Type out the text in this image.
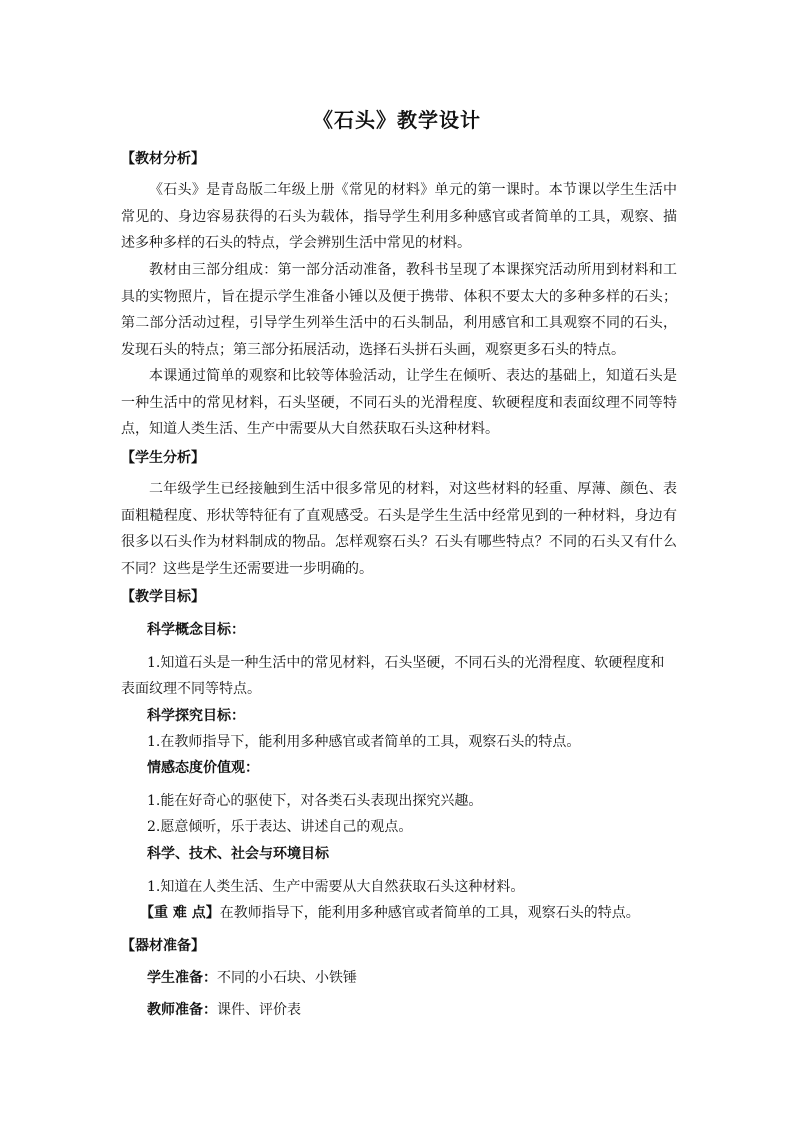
《石头》教学设计
【教材分析】

《石头》是青岛版二年级上册《常见的材料》单元的第一课时。本节课以学生生活中常见的、身边容易获得的石头为载体，指导学生利用多种感官或者简单的工具，观察、描述多种多样的石头的特点，学会辨别生活中常见的材料。

教材由三部分组成：第一部分活动准备，教科书呈现了本课探究活动所用到材料和工具的实物照片，旨在提示学生准备小锤以及便于携带、体积不要太大的多种多样的石头；第二部分活动过程，引导学生列举生活中的石头制品，利用感官和工具观察不同的石头，发现石头的特点；第三部分拓展活动，选择石头拼石头画，观察更多石头的特点。

本课通过简单的观察和比较等体验活动，让学生在倾听、表达的基础上，知道石头是一种生活中的常见材料，石头坚硬，不同石头的光滑程度、软硬程度和表面纹理不同等特点，知道人类生活、生产中需要从大自然获取石头这种材料。

【学生分析】

二年级学生已经接触到生活中很多常见的材料，对这些材料的轻重、厚薄、颜色、表面粗糙程度、形状等特征有了直观感受。石头是学生生活中经常见到的一种材料，身边有很多以石头作为材料制成的物品。怎样观察石头？石头有哪些特点？不同的石头又有什么不同？这些是学生还需要进一步明确的。

【教学目标】
科学概念目标：

1.知道石头是一种生活中的常见材料，石头坚硬，不同石头的光滑程度、软硬程度和表面纹理不同等特点。

科学探究目标：
1.在教师指导下，能利用多种感官或者简单的工具，观察石头的特点。
情感态度价值观：
1.能在好奇心的驱使下，对各类石头表现出探究兴趣。
2.愿意倾听，乐于表达、讲述自己的观点。
科学、技术、社会与环境目标
1.知道在人类生活、生产中需要从大自然获取石头这种材料。
【重 难 点】在教师指导下，能利用多种感官或者简单的工具，观察石头的特点。
【器材准备】
学生准备：不同的小石块、小铁锤
教师准备：课件、评价表
